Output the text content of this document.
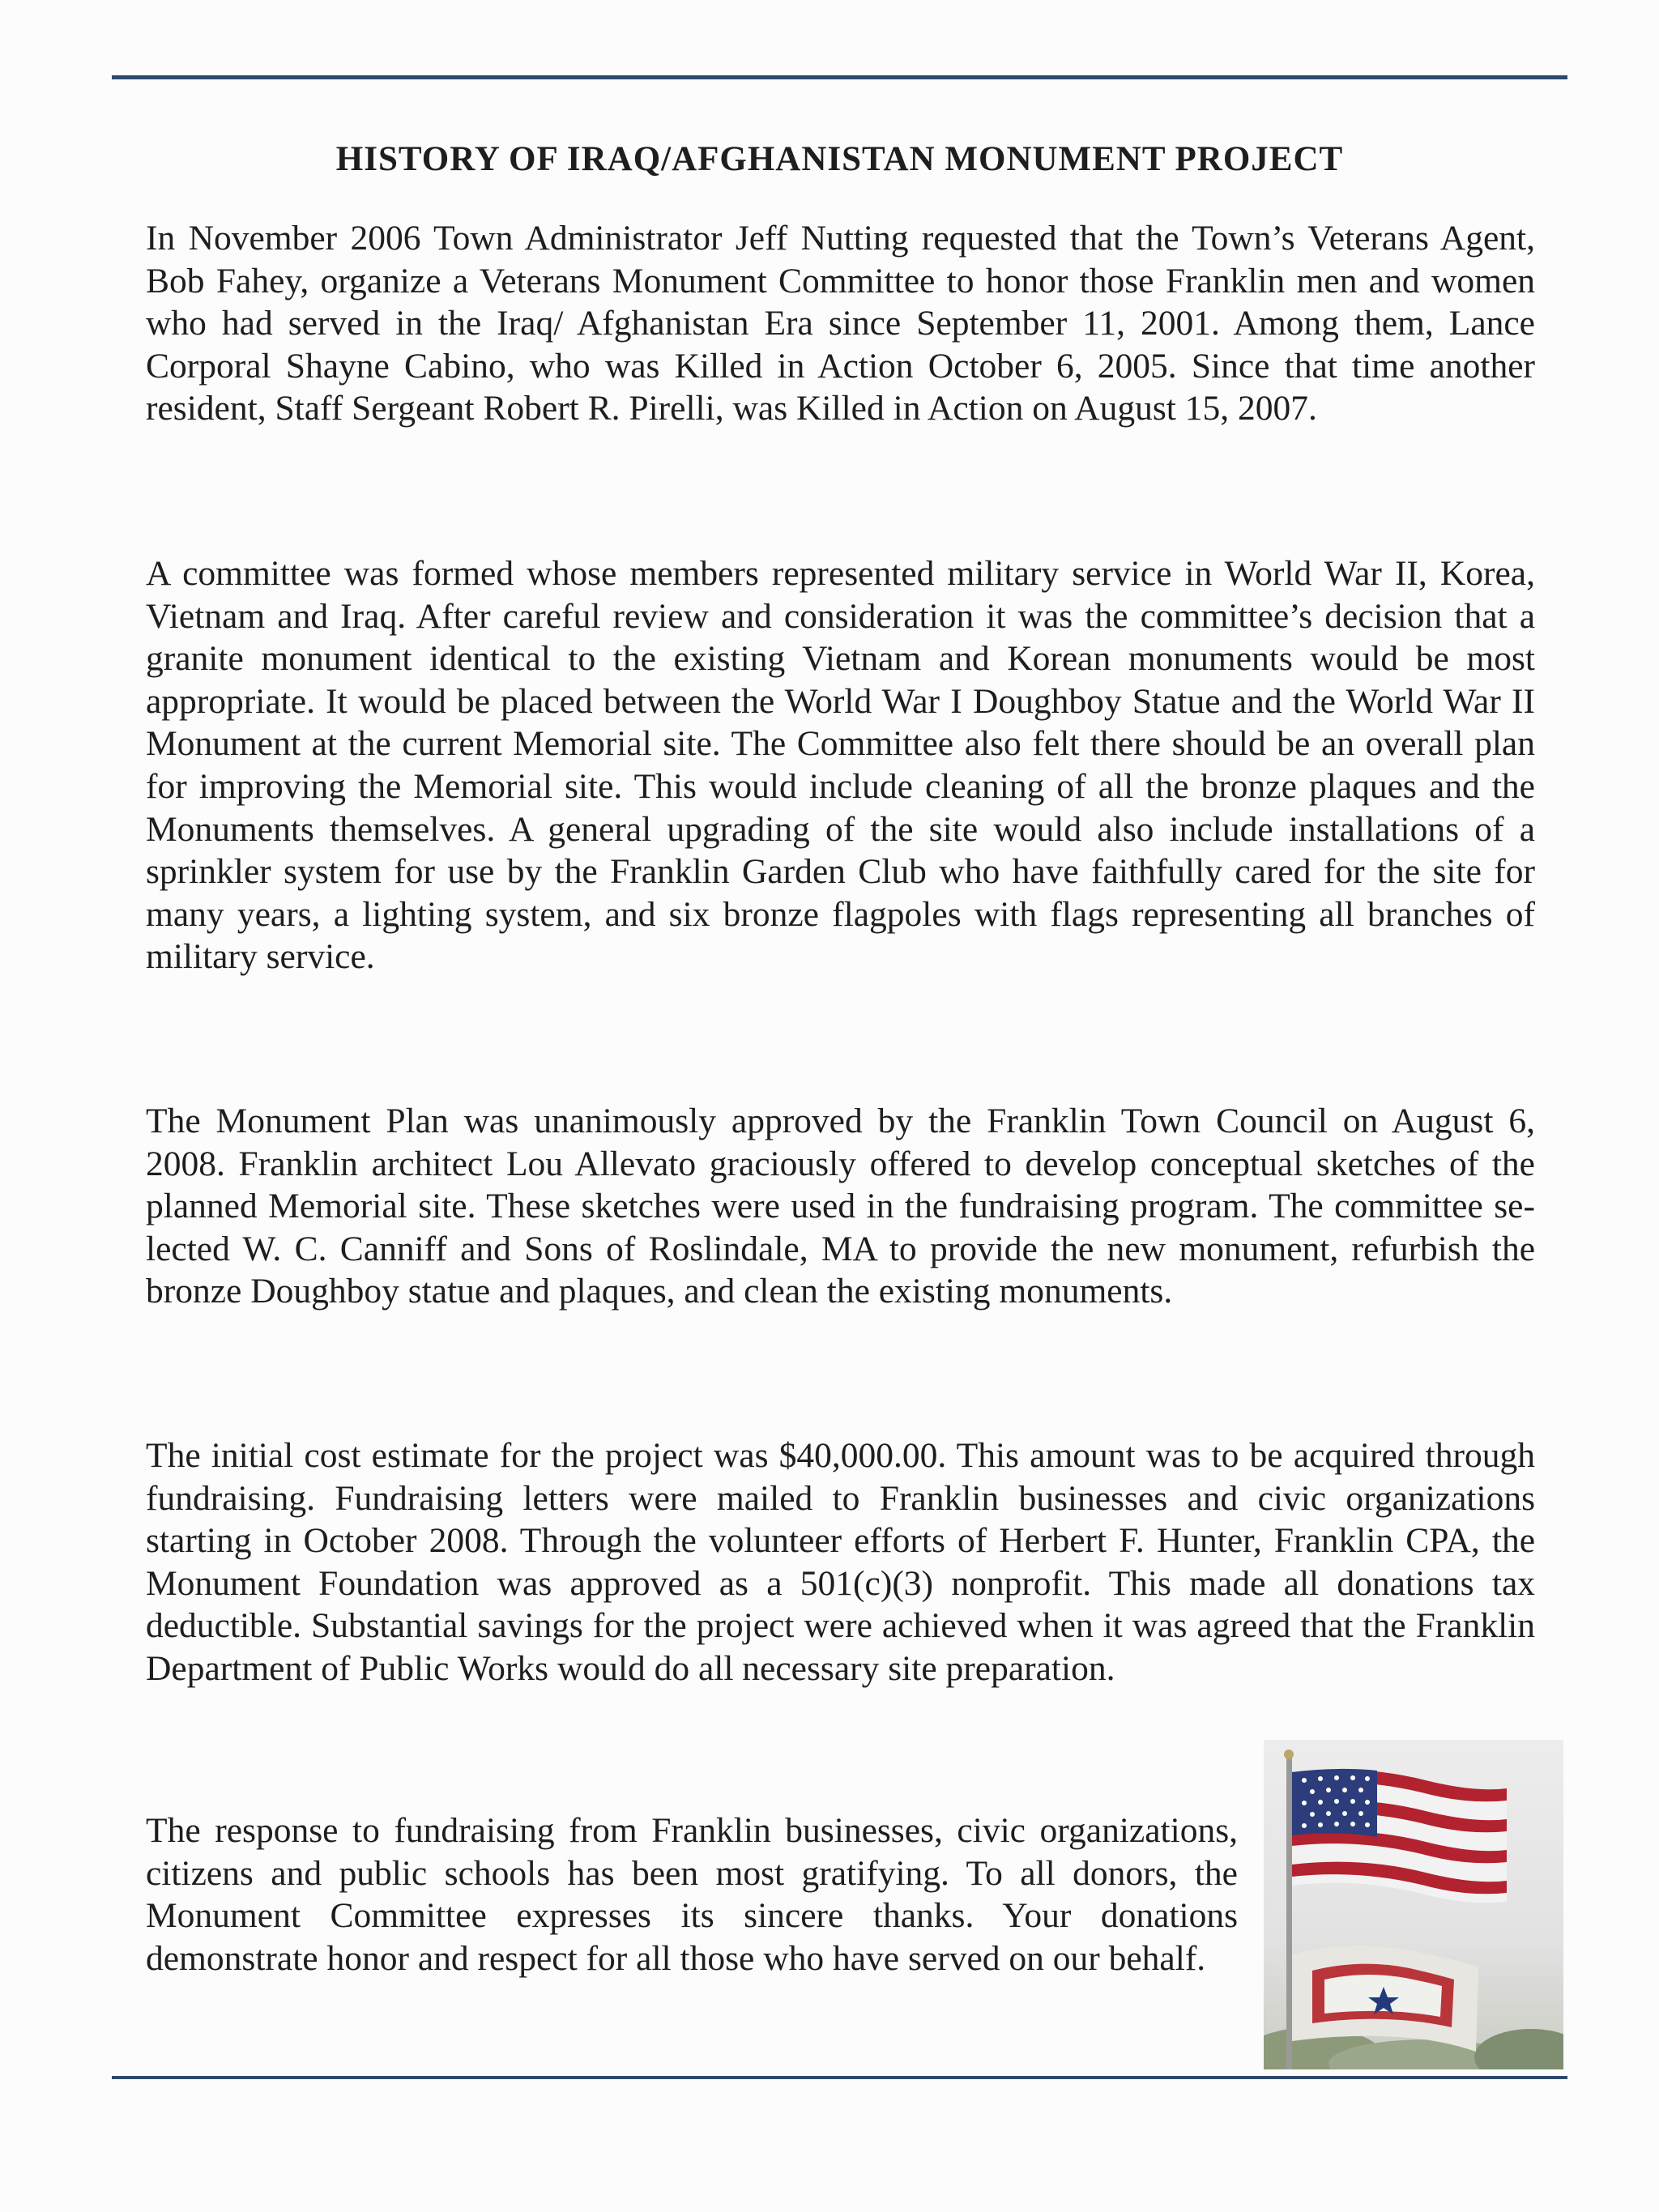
HISTORY OF IRAQ/AFGHANISTAN MONUMENT PROJECT

In November 2006 Town Administrator Jeff Nutting requested that the Town’s Veterans Agent, Bob Fahey, organize a Veterans Monument Committee to honor those Franklin men and women who had served in the Iraq/ Afghanistan Era since September 11, 2001. Among them, Lance Corporal Shayne Cabino, who was Killed in Action October 6, 2005. Since that time another resident, Staff Sergeant Robert R. Pirelli, was Killed in Action on August 15, 2007.

A committee was formed whose members represented military service in World War II, Korea, Vietnam and Iraq. After careful review and consideration it was the committee’s decision that a granite monument identical to the existing Vietnam and Korean monuments would be most appropriate. It would be placed between the World War I Doughboy Statue and the World War II Monument at the current Memorial site. The Committee also felt there should be an overall plan for improving the Memorial site. This would include cleaning of all the bronze plaques and the Monuments themselves. A general upgrading of the site would also include installations of a sprinkler system for use by the Franklin Garden Club who have faithfully cared for the site for many years, a lighting system, and six bronze flagpoles with flags representing all branches of military service.

The Monument Plan was unanimously approved by the Franklin Town Council on August 6, 2008. Franklin architect Lou Allevato graciously offered to develop conceptual sketches of the planned Memorial site. These sketches were used in the fundraising program. The committee selected W. C. Canniff and Sons of Roslindale, MA to provide the new monument, refurbish the bronze Doughboy statue and plaques, and clean the existing monuments.

The initial cost estimate for the project was $40,000.00. This amount was to be acquired through fundraising. Fundraising letters were mailed to Franklin businesses and civic organizations starting in October 2008. Through the volunteer efforts of Herbert F. Hunter, Franklin CPA, the Monument Foundation was approved as a 501(c)(3) nonprofit. This made all donations tax deductible. Substantial savings for the project were achieved when it was agreed that the Franklin Department of Public Works would do all necessary site preparation.

The response to fundraising from Franklin businesses, civic organizations, citizens and public schools has been most gratifying. To all donors, the Monument Committee expresses its sincere thanks. Your donations demonstrate honor and respect for all those who have served on our behalf.
